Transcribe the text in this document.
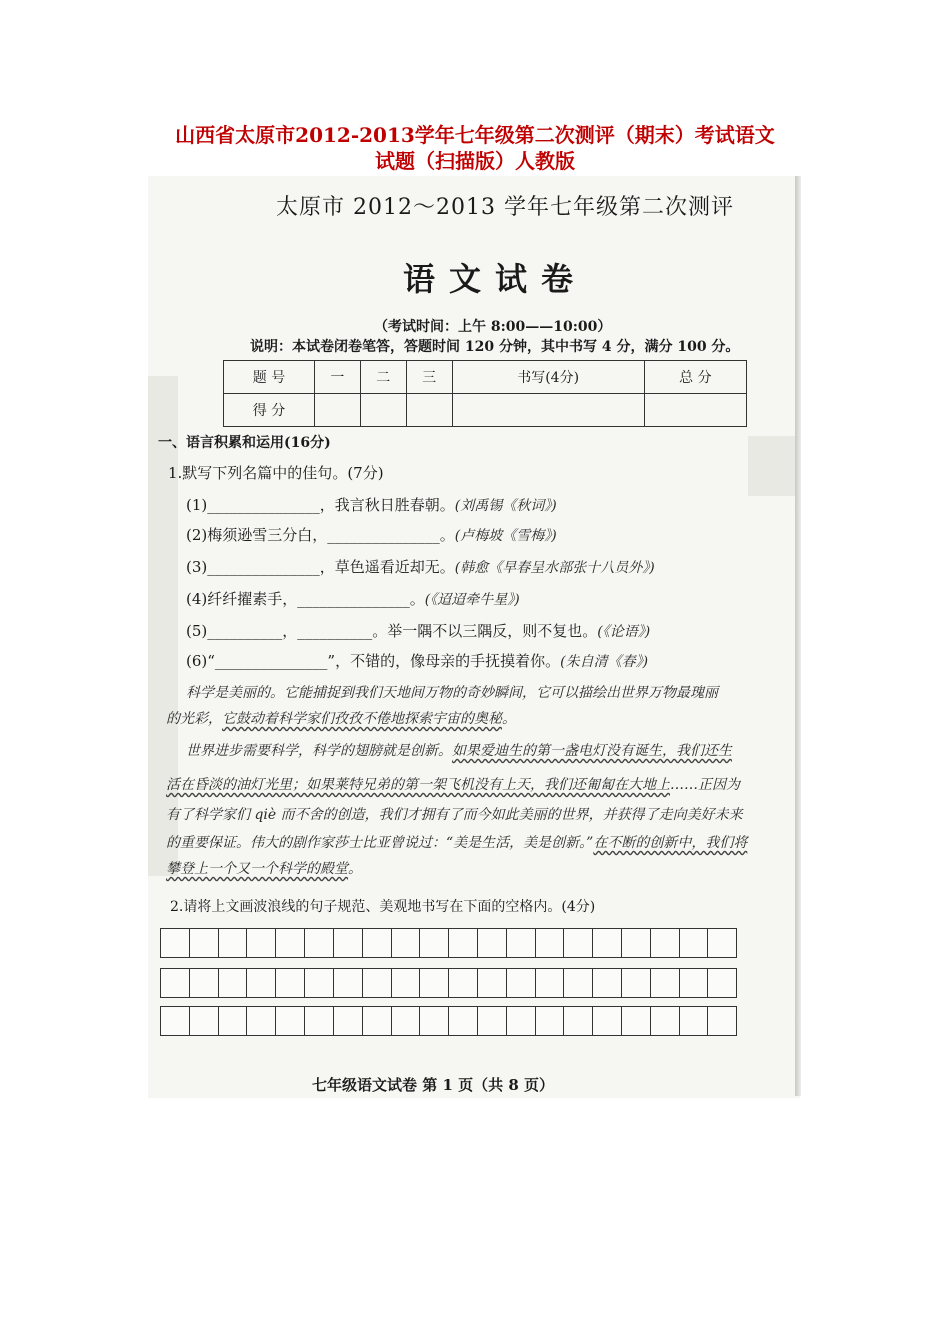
山西省太原市2012-2013学年七年级第二次测评（期末）考试语文
试题（扫描版）人教版
太原市 2012～2013 学年七年级第二次测评
语文试卷
（考试时间：上午 8:00——10:00）
说明：本试卷闭卷笔答，答题时间 120 分钟，其中书写 4 分，满分 100 分。
题 号	一	二	三	书写(4分)	总 分
得 分					
一、语言积累和运用(16分)
1.默写下列名篇中的佳句。(7分)
(1)_______________，我言秋日胜春朝。(刘禹锡《秋词》)
(2)梅须逊雪三分白，_______________。(卢梅坡《雪梅》)
(3)_______________，草色遥看近却无。(韩愈《早春呈水部张十八员外》)
(4)纤纤擢素手，_______________。(《迢迢牵牛星》)
(5)__________，__________。举一隅不以三隅反，则不复也。(《论语》)
(6)“_______________”，不错的，像母亲的手抚摸着你。(朱自清《春》)
科学是美丽的。它能捕捉到我们天地间万物的奇妙瞬间，它可以描绘出世界万物最瑰丽
的光彩，它鼓动着科学家们孜孜不倦地探索宇宙的奥秘。
世界进步需要科学，科学的翅膀就是创新。如果爱迪生的第一盏电灯没有诞生，我们还生
活在昏淡的油灯光里；如果莱特兄弟的第一架飞机没有上天，我们还匍匐在大地上……正因为
有了科学家们 qiè 而不舍的创造，我们才拥有了而今如此美丽的世界，并获得了走向美好未来
的重要保证。伟大的剧作家莎士比亚曾说过：“美是生活，美是创新。”在不断的创新中，我们将
攀登上一个又一个科学的殿堂。
2.请将上文画波浪线的句子规范、美观地书写在下面的空格内。(4分)
七年级语文试卷 第 1 页（共 8 页）
